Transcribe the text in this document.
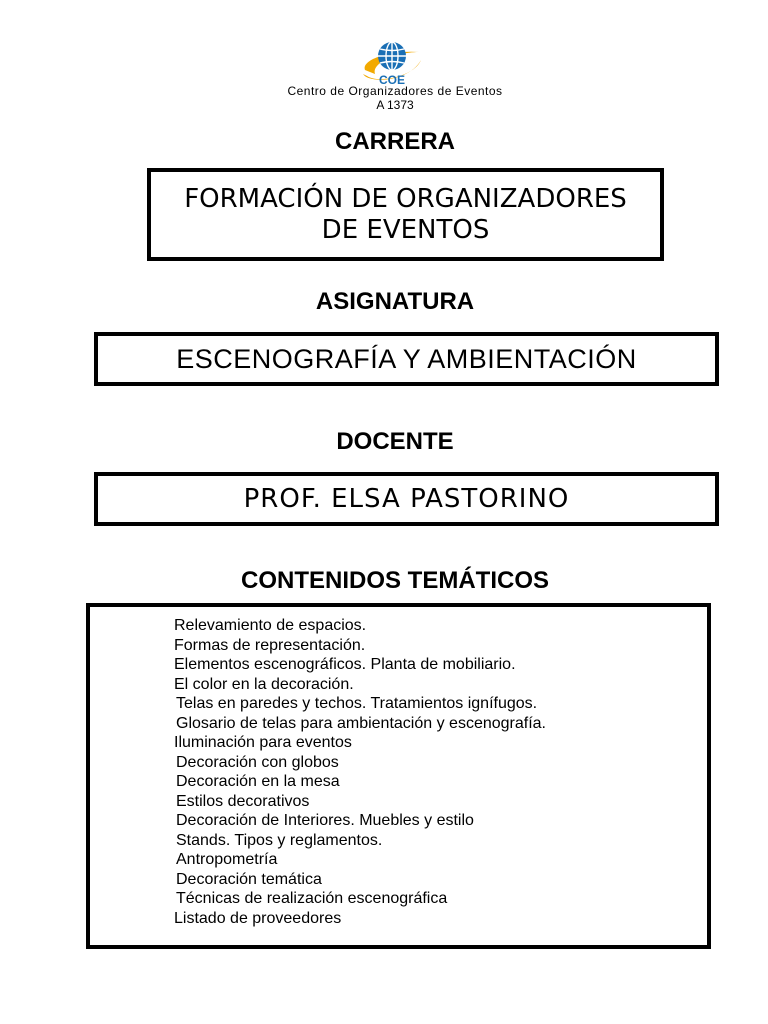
COE
Centro de Organizadores de Eventos
A 1373
CARRERA
FORMACIÓN DE ORGANIZADORES
DE EVENTOS
ASIGNATURA
ESCENOGRAFÍA Y AMBIENTACIÓN
DOCENTE
PROF. ELSA PASTORINO
CONTENIDOS TEMÁTICOS
Relevamiento de espacios.
Formas de representación.
Elementos escenográficos. Planta de mobiliario.
El color en la decoración.
Telas en paredes y techos. Tratamientos ignífugos.
Glosario de telas para ambientación y escenografía.
Iluminación para eventos
Decoración con globos
Decoración en la mesa
Estilos decorativos
Decoración de Interiores. Muebles y estilo
Stands. Tipos y reglamentos.
Antropometría
Decoración temática
Técnicas de realización escenográfica
Listado de proveedores
